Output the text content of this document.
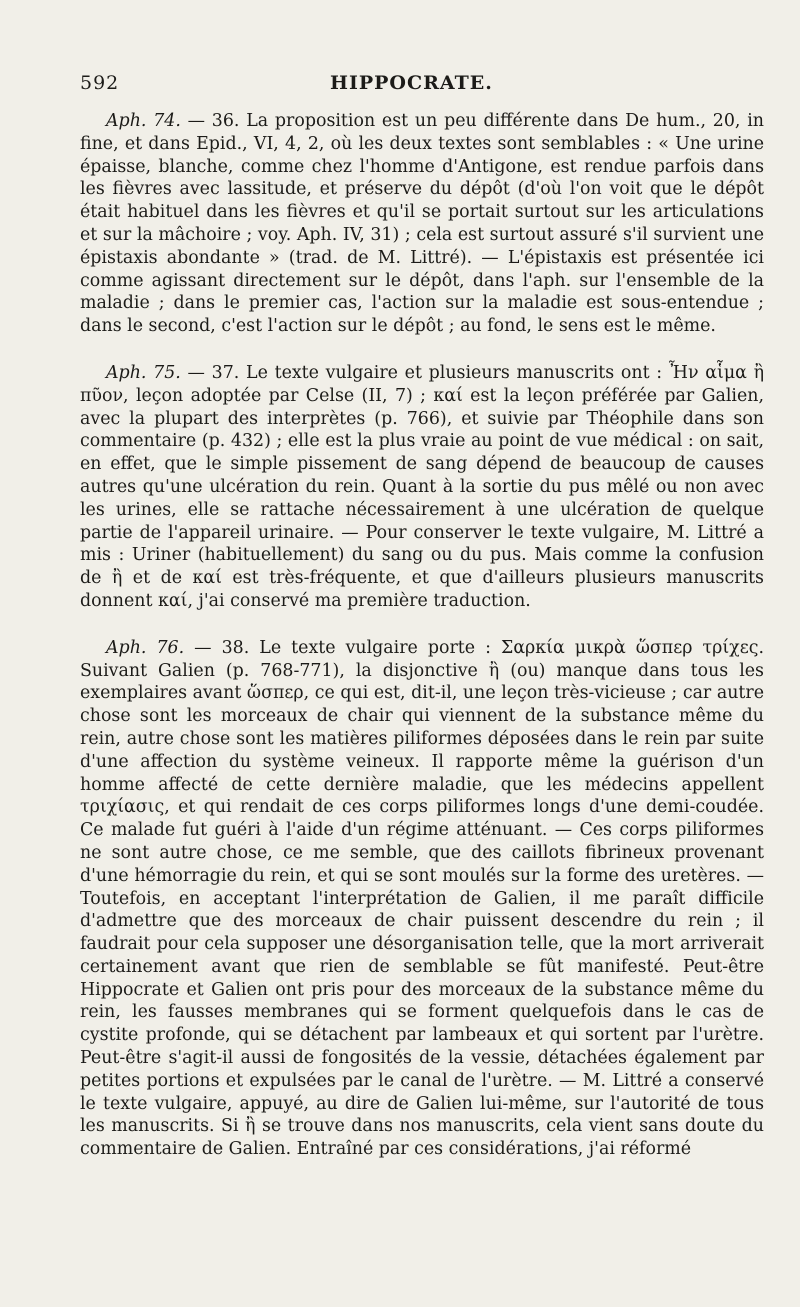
592	HIPPOCRATE.

Aph. 74. — 36. La proposition est un peu différente dans De hum., 20, in fine, et dans Epid., VI, 4, 2, où les deux textes sont semblables : « Une urine épaisse, blanche, comme chez l'homme d'Antigone, est rendue parfois dans les fièvres avec lassitude, et préserve du dépôt (d'où l'on voit que le dépôt était habituel dans les fièvres et qu'il se portait surtout sur les articulations et sur la mâchoire ; voy. Aph. IV, 31) ; cela est surtout assuré s'il survient une épistaxis abondante » (trad. de M. Littré). — L'épistaxis est présentée ici comme agissant directement sur le dépôt, dans l'aph. sur l'ensemble de la maladie ; dans le premier cas, l'action sur la maladie est sous-entendue ; dans le second, c'est l'action sur le dépôt ; au fond, le sens est le même.

Aph. 75. — 37. Le texte vulgaire et plusieurs manuscrits ont : Ἦν αἷμα ἢ πῦον, leçon adoptée par Celse (II, 7) ; καί est la leçon préférée par Galien, avec la plupart des interprètes (p. 766), et suivie par Théophile dans son commentaire (p. 432) ; elle est la plus vraie au point de vue médical : on sait, en effet, que le simple pissement de sang dépend de beaucoup de causes autres qu'une ulcération du rein. Quant à la sortie du pus mêlé ou non avec les urines, elle se rattache nécessairement à une ulcération de quelque partie de l'appareil urinaire. — Pour conserver le texte vulgaire, M. Littré a mis : Uriner (habituellement) du sang ou du pus. Mais comme la confusion de ἢ et de καί est très-fréquente, et que d'ailleurs plusieurs manuscrits donnent καί, j'ai conservé ma première traduction.

Aph. 76. — 38. Le texte vulgaire porte : Σαρκία μικρὰ ὥσπερ τρίχες. Suivant Galien (p. 768-771), la disjonctive ἢ (ou) manque dans tous les exemplaires avant ὥσπερ, ce qui est, dit-il, une leçon très-vicieuse ; car autre chose sont les morceaux de chair qui viennent de la substance même du rein, autre chose sont les matières piliformes déposées dans le rein par suite d'une affection du système veineux. Il rapporte même la guérison d'un homme affecté de cette dernière maladie, que les médecins appellent τριχίασις, et qui rendait de ces corps piliformes longs d'une demi-coudée. Ce malade fut guéri à l'aide d'un régime atténuant. — Ces corps piliformes ne sont autre chose, ce me semble, que des caillots fibrineux provenant d'une hémorragie du rein, et qui se sont moulés sur la forme des uretères. — Toutefois, en acceptant l'interprétation de Galien, il me paraît difficile d'admettre que des morceaux de chair puissent descendre du rein ; il faudrait pour cela supposer une désorganisation telle, que la mort arriverait certainement avant que rien de semblable se fût manifesté. Peut-être Hippocrate et Galien ont pris pour des morceaux de la substance même du rein, les fausses membranes qui se forment quelquefois dans le cas de cystite profonde, qui se détachent par lambeaux et qui sortent par l'urètre. Peut-être s'agit-il aussi de fongosités de la vessie, détachées également par petites portions et expulsées par le canal de l'urètre. — M. Littré a conservé le texte vulgaire, appuyé, au dire de Galien lui-même, sur l'autorité de tous les manuscrits. Si ἢ se trouve dans nos manuscrits, cela vient sans doute du commentaire de Galien. Entraîné par ces considérations, j'ai réformé
